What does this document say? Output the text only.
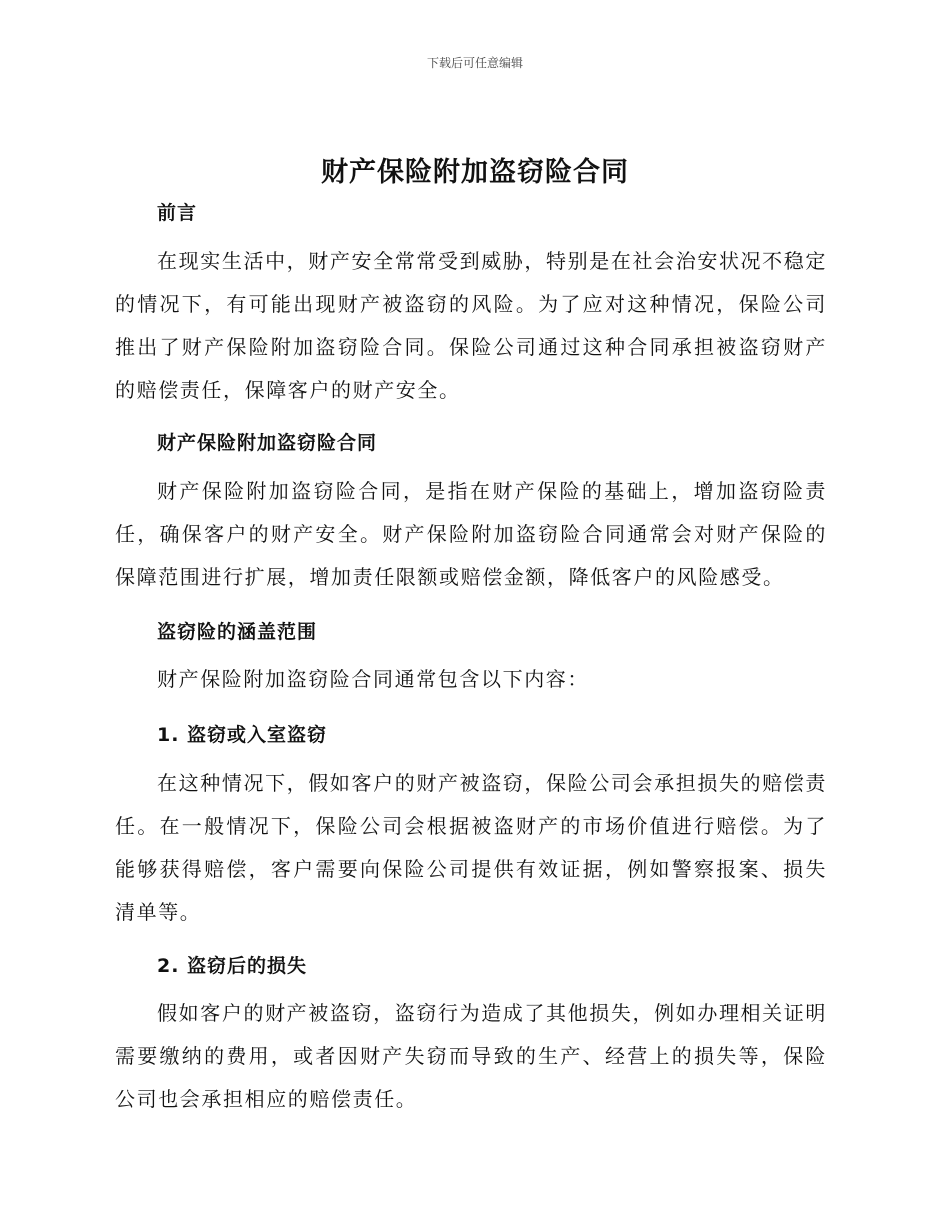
下载后可任意编辑
财产保险附加盗窃险合同
前言

在现实生活中，财产安全常常受到威胁，特别是在社会治安状况不稳定的情况下，有可能出现财产被盗窃的风险。为了应对这种情况，保险公司推出了财产保险附加盗窃险合同。保险公司通过这种合同承担被盗窃财产的赔偿责任，保障客户的财产安全。

财产保险附加盗窃险合同

财产保险附加盗窃险合同，是指在财产保险的基础上，增加盗窃险责任，确保客户的财产安全。财产保险附加盗窃险合同通常会对财产保险的保障范围进行扩展，增加责任限额或赔偿金额，降低客户的风险感受。

盗窃险的涵盖范围

财产保险附加盗窃险合同通常包含以下内容：

1. 盗窃或入室盗窃

在这种情况下，假如客户的财产被盗窃，保险公司会承担损失的赔偿责任。在一般情况下，保险公司会根据被盗财产的市场价值进行赔偿。为了能够获得赔偿，客户需要向保险公司提供有效证据，例如警察报案、损失清单等。

2. 盗窃后的损失

假如客户的财产被盗窃，盗窃行为造成了其他损失，例如办理相关证明需要缴纳的费用，或者因财产失窃而导致的生产、经营上的损失等，保险公司也会承担相应的赔偿责任。
